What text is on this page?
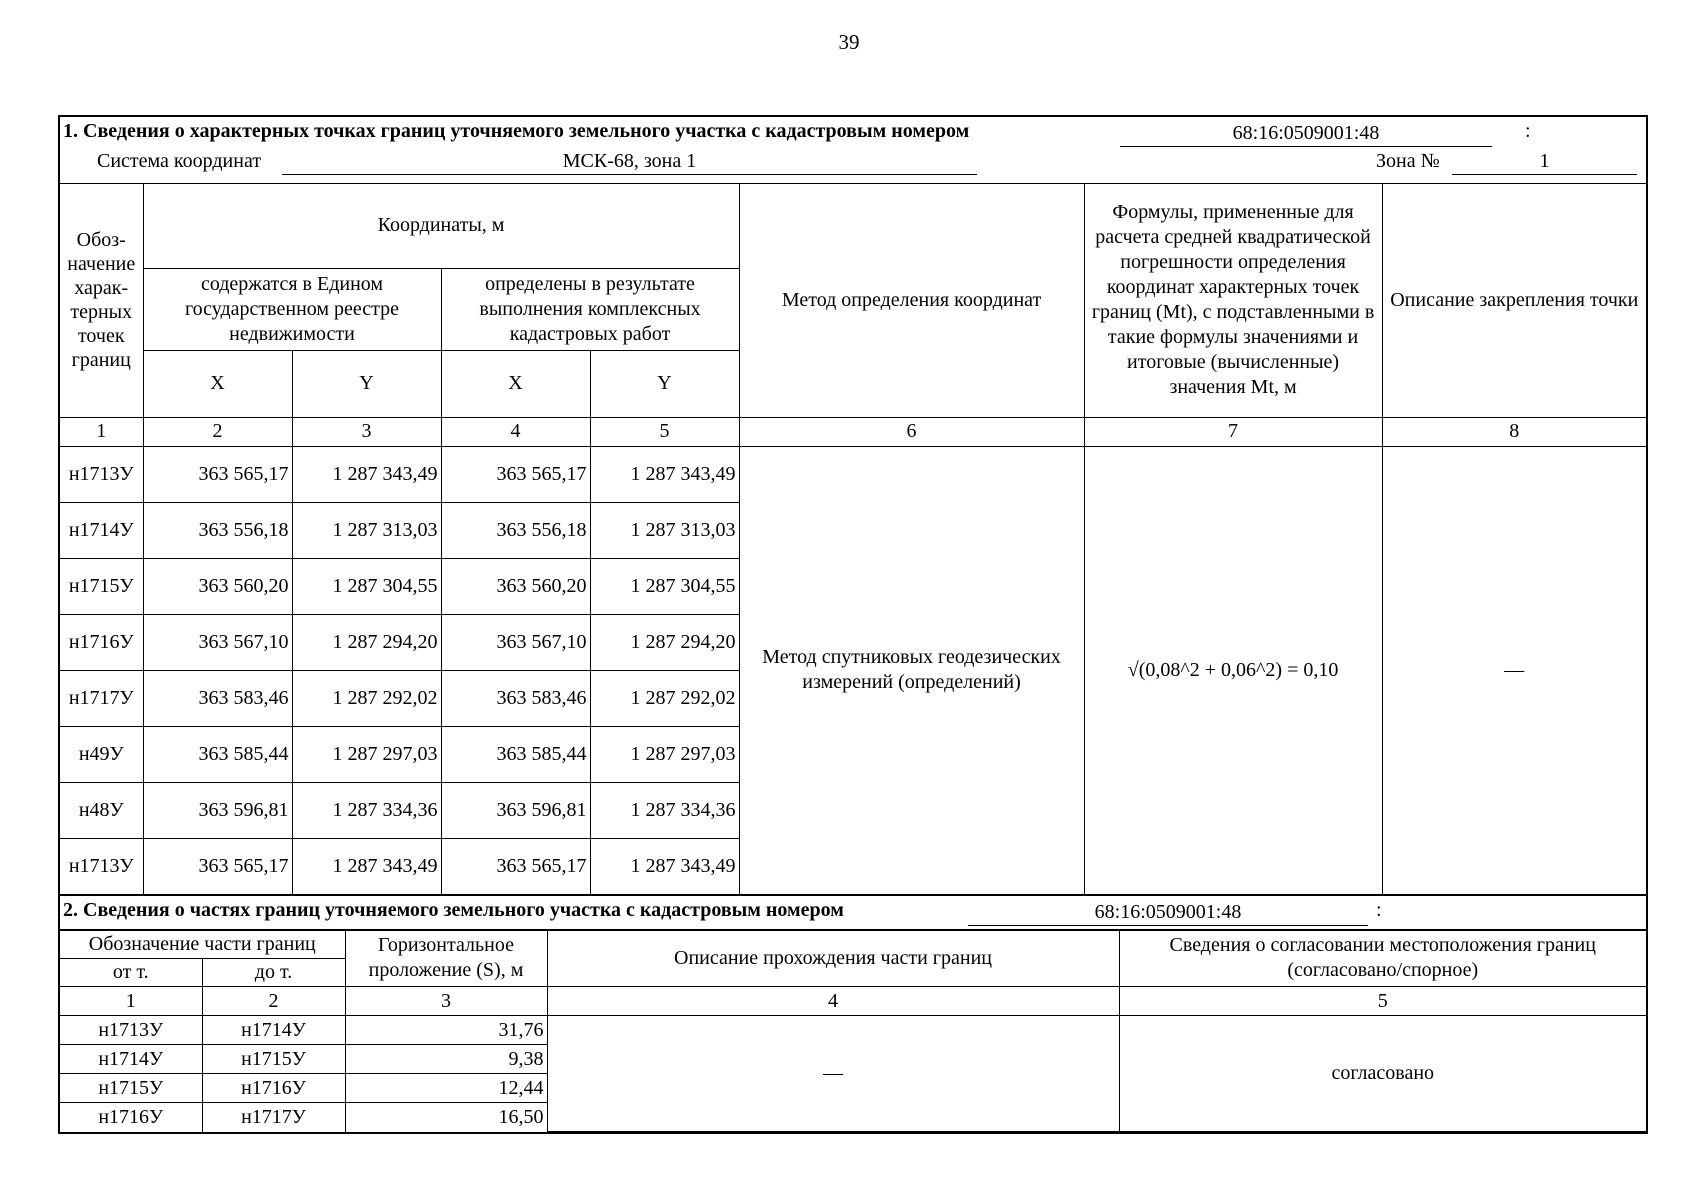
39
1. Сведения о характерных точках границ уточняемого земельного участка с кадастровым номером	68:16:0509001:48	:
Система координат	МСК-68, зона 1	Зона №	1
Обоз-начение харак-терных точек границ	Координаты, м				Метод определения координат	Формулы, примененные для расчета средней квадратической погрешности определения координат характерных точек границ (Mt), с подставленными в такие формулы значениями и итоговые (вычисленные) значения Mt, м	Описание закрепления точки
	содержатся в Едином государственном реестре недвижимости		определены в результате выполнения комплексных кадастровых работ				
	X	Y	X	Y			
1	2	3	4	5	6	7	8
н1713У	363 565,17	1 287 343,49	363 565,17	1 287 343,49	Метод спутниковых геодезических измерений (определений)	√(0,08^2 + 0,06^2) = 0,10	—
н1714У	363 556,18	1 287 313,03	363 556,18	1 287 313,03			
н1715У	363 560,20	1 287 304,55	363 560,20	1 287 304,55			
н1716У	363 567,10	1 287 294,20	363 567,10	1 287 294,20			
н1717У	363 583,46	1 287 292,02	363 583,46	1 287 292,02			
н49У	363 585,44	1 287 297,03	363 585,44	1 287 297,03			
н48У	363 596,81	1 287 334,36	363 596,81	1 287 334,36			
н1713У	363 565,17	1 287 343,49	363 565,17	1 287 343,49			
2. Сведения о частях границ уточняемого земельного участка с кадастровым номером	68:16:0509001:48	:
Обозначение части границ		Горизонтальное проложение (S), м	Описание прохождения части границ	Сведения о согласовании местоположения границ (согласовано/спорное)
от т.	до т.			
1	2	3	4	5
н1713У	н1714У	31,76	—	согласовано
н1714У	н1715У	9,38		
н1715У	н1716У	12,44		
н1716У	н1717У	16,50		
